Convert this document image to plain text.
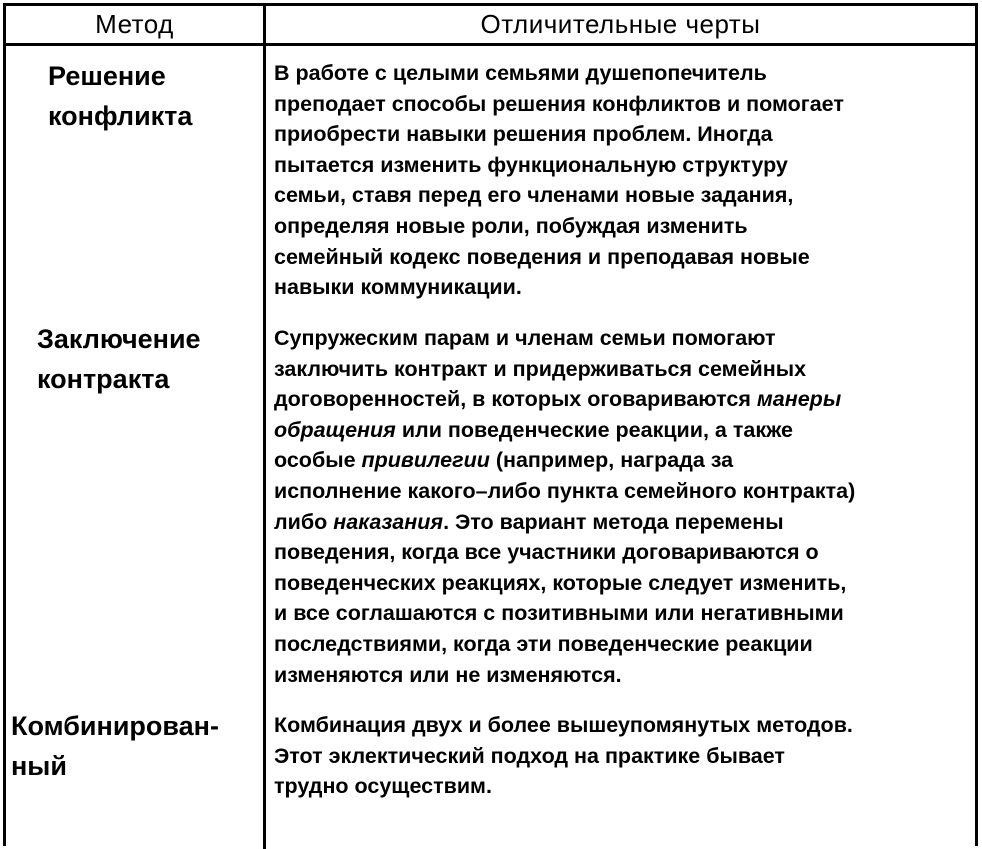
Метод	Отличительные черты
Решение
конфликта
В работе с целыми семьями душепопечитель
преподает способы решения конфликтов и помогает
приобрести навыки решения проблем. Иногда
пытается изменить функциональную структуру
семьи, ставя перед его членами новые задания,
определяя новые роли, побуждая изменить
семейный кодекс поведения и преподавая новые
навыки коммуникации.
Заключение
контракта
Супружеским парам и членам семьи помогают
заключить контракт и придерживаться семейных
договоренностей, в которых оговариваются манеры
обращения или поведенческие реакции, а также
особые привилегии (например, награда за
исполнение какого–либо пункта семейного контракта)
либо наказания. Это вариант метода перемены
поведения, когда все участники договариваются о
поведенческих реакциях, которые следует изменить,
и все соглашаются с позитивными или негативными
последствиями, когда эти поведенческие реакции
изменяются или не изменяются.
Комбинирован-
ный
Комбинация двух и более вышеупомянутых методов.
Этот эклектический подход на практике бывает
трудно осуществим.
